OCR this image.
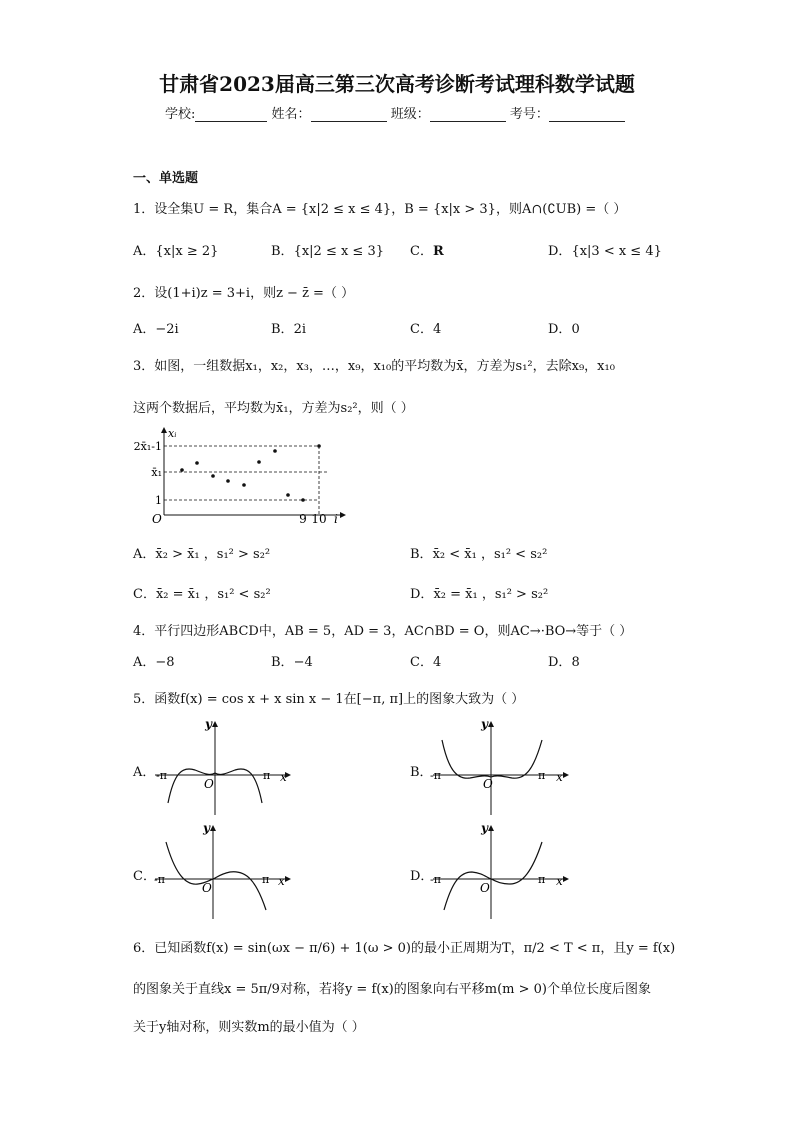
甘肃省2023届高三第三次高考诊断考试理科数学试题
学校:	姓名：	班级：	考号：
一、单选题
1．设全集U = R，集合A = {x|2 ≤ x ≤ 4}，B = {x|x > 3}，则A∩(∁UB) =（ ）
A．{x|x ≥ 2}	B．{x|2 ≤ x ≤ 3} C．R	D．{x|3 < x ≤ 4}
2．设(1+i)z = 3+i，则z − z̄ =（ ）
A．−2i	B．2i	C．4	D．0
3．如图，一组数据x₁，x₂，x₃，…，x₉，x₁₀的平均数为x̄，方差为s₁²，去除x₉，x₁₀
这两个数据后，平均数为x̄₁，方差为s₂²，则（ ）
xᵢ
2x̄₁-1
x̄₁
1
O	9 10 i
A．x̄₂ > x̄₁ ，s₁² > s₂²	B．x̄₂ < x̄₁ ，s₁² < s₂²
C．x̄₂ = x̄₁ ，s₁² < s₂²	D．x̄₂ = x̄₁ ，s₁² > s₂²
4．平行四边形ABCD中，AB = 5，AD = 3，AC∩BD = O，则AC→·BO→等于（ ）
A．−8	B．−4	C．4	D．8
5．函数f(x) = cos x + x sin x − 1在[−π, π]上的图象大致为（ ）
A．
y
x
O
-π	π	B．
y
x
O
-π	π
C．
y
x
O
-π	π	D．
y
x
O
-π	π
6．已知函数f(x) = sin(ωx − π/6) + 1(ω > 0)的最小正周期为T，π/2 < T < π，且y = f(x)
的图象关于直线x = 5π/9对称，若将y = f(x)的图象向右平移m(m > 0)个单位长度后图象
关于y轴对称，则实数m的最小值为（ ）
